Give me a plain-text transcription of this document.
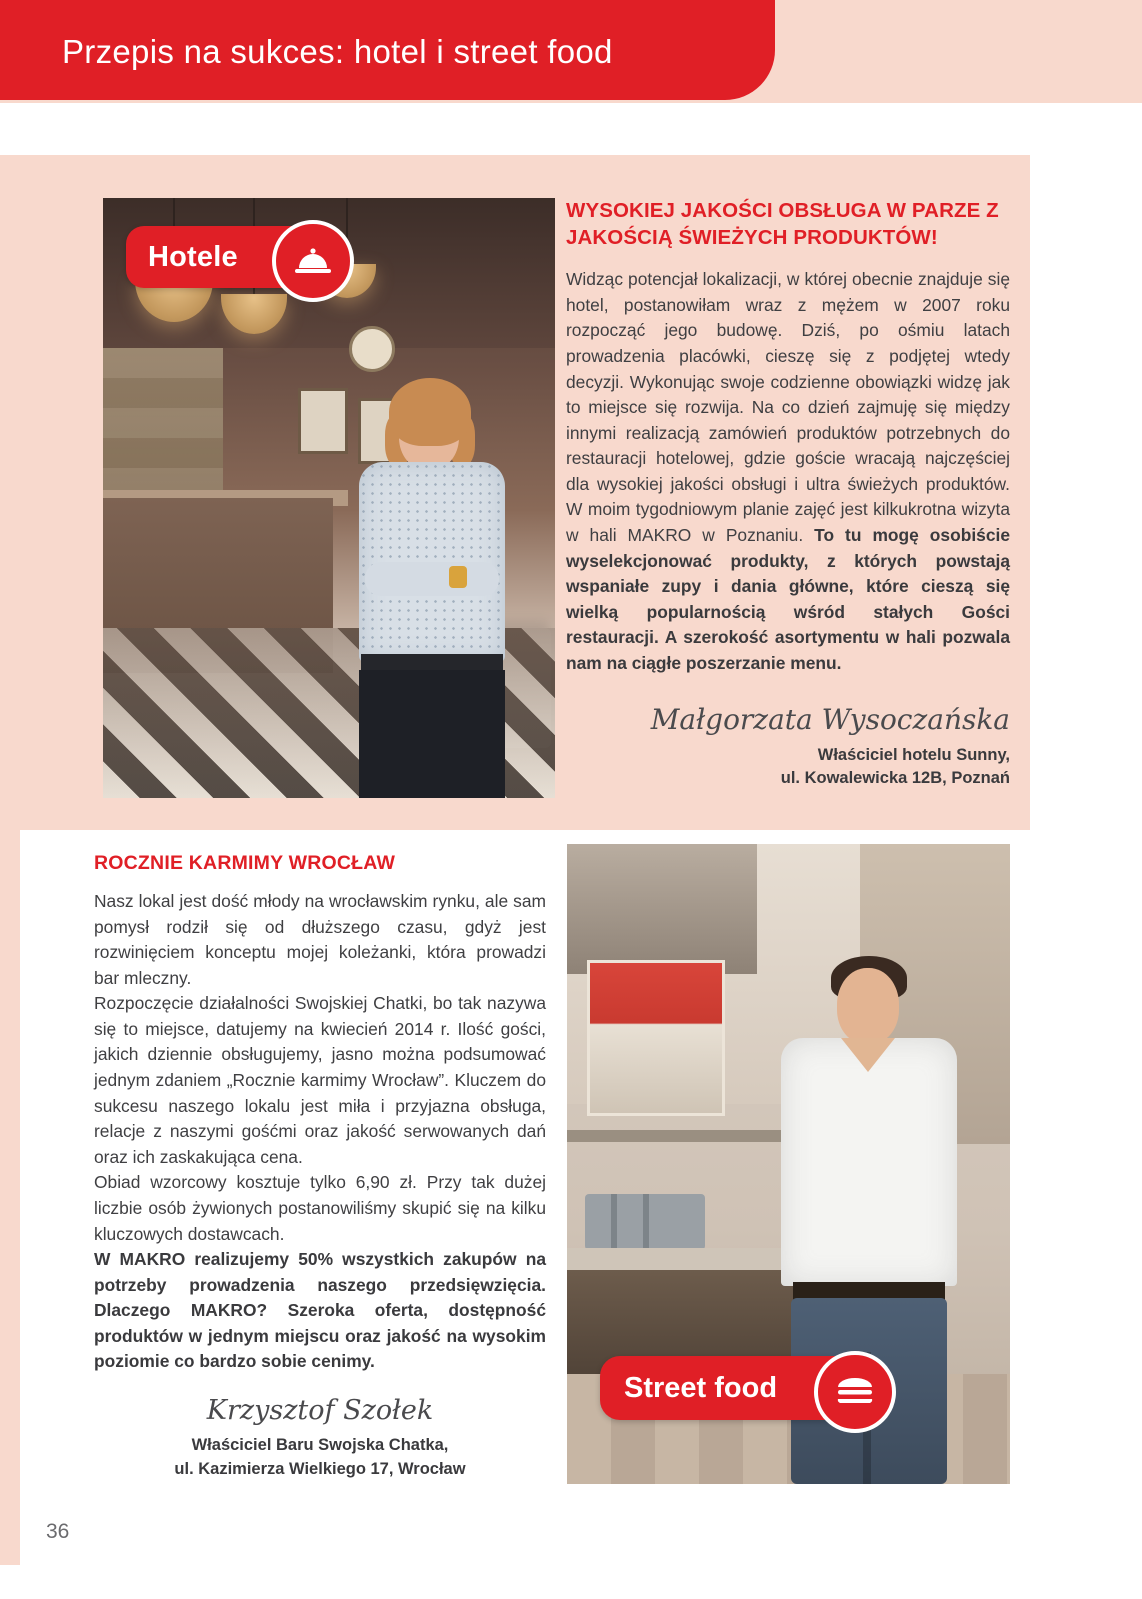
Przepis na sukces: hotel i street food
Hotele
WYSOKIEJ JAKOŚCI OBSŁUGA W PARZE Z JAKOŚCIĄ ŚWIEŻYCH PRODUKTÓW!

Widząc potencjał lokalizacji, w której obecnie znajduje się hotel, postanowiłam wraz z mężem w 2007 roku rozpocząć jego budowę. Dziś, po ośmiu latach prowadzenia placówki, cieszę się z podjętej wtedy decyzji. Wykonując swoje codzienne obowiązki widzę jak to miejsce się rozwija. Na co dzień zajmuję się między innymi realizacją zamówień produktów potrzebnych do restauracji hotelowej, gdzie goście wracają najczęściej dla wysokiej jakości obsługi i ultra świeżych produktów. W moim tygodniowym planie zajęć jest kilkukrotna wizyta w hali MAKRO w Poznaniu. To tu mogę osobiście wyselekcjonować produkty, z których powstają wspaniałe zupy i dania główne, które cieszą się wielką popularnością wśród stałych Gości restauracji. A szerokość asortymentu w hali pozwala nam na ciągłe poszerzanie menu.

Małgorzata Wysoczańska
Właściciel hotelu Sunny,
ul. Kowalewicka 12B, Poznań
ROCZNIE KARMIMY WROCŁAW

Nasz lokal jest dość młody na wrocławskim rynku, ale sam pomysł rodził się od dłuższego czasu, gdyż jest rozwinięciem konceptu mojej koleżanki, która prowadzi bar mleczny.

Rozpoczęcie działalności Swojskiej Chatki, bo tak nazywa się to miejsce, datujemy na kwiecień 2014 r. Ilość gości, jakich dziennie obsługujemy, jasno można podsumować jednym zdaniem „Rocznie karmimy Wrocław”. Kluczem do sukcesu naszego lokalu jest miła i przyjazna obsługa, relacje z naszymi gośćmi oraz jakość serwowanych dań oraz ich zaskakująca cena.

Obiad wzorcowy kosztuje tylko 6,90 zł. Przy tak dużej liczbie osób żywionych postanowiliśmy skupić się na kilku kluczowych dostawcach.

W MAKRO realizujemy 50% wszystkich zakupów na potrzeby prowadzenia naszego przedsięwzięcia. Dlaczego MAKRO? Szeroka oferta, dostępność produktów w jednym miejscu oraz jakość na wysokim poziomie co bardzo sobie cenimy.

Krzysztof Szołek
Właściciel Baru Swojska Chatka,
ul. Kazimierza Wielkiego 17, Wrocław
Street food
36
